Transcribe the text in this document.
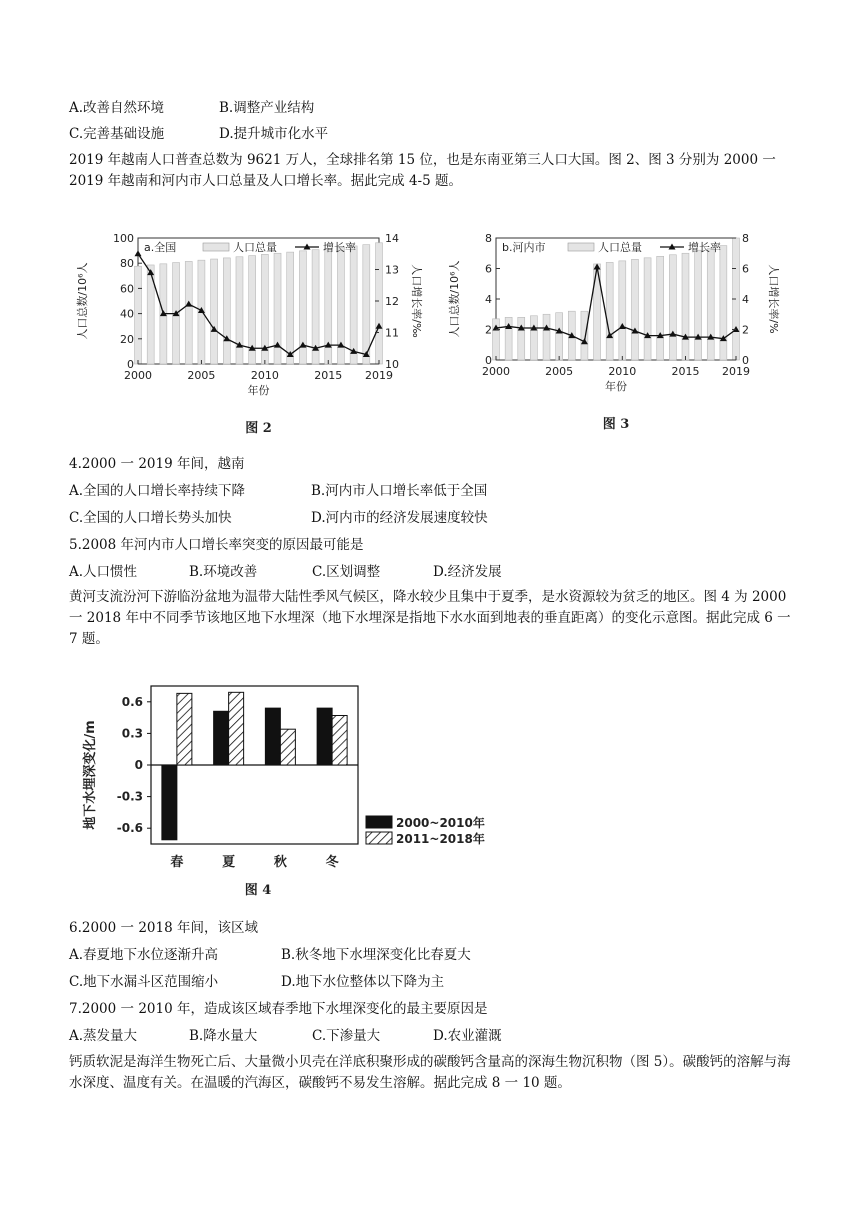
A.改善自然环境	B.调整产业结构
C.完善基础设施	D.提升城市化水平
2019 年越南人口普查总数为 9621 万人，全球排名第 15 位，也是东南亚第三人口大国。图 2、图 3 分别为 2000 一 2019 年越南和河内市人口总量及人口增长率。据此完成 4-5 题。
0
20
40
60
80
100
10
11
12
13
14
2000	2005	2010	2015 2019
a.全国	人口总量	增长率
人口总数/10⁶人	人口增长率/‰
年份
图 2
0
2
4
6
8
0
2
4
6
8
2000	2005	2010	2015 2019
b.河内市	人口总量	增长率
人口总数/10⁶人	人口增长率/%
年份
图 3
4.2000 一 2019 年间，越南
A.全国的人口增长率持续下降	B.河内市人口增长率低于全国
C.全国的人口增长势头加快	D.河内市的经济发展速度较快
5.2008 年河内市人口增长率突变的原因最可能是
A.人口惯性	B.环境改善	C.区划调整	D.经济发展
黄河支流汾河下游临汾盆地为温带大陆性季风气候区，降水较少且集中于夏季，是水资源较为贫乏的地区。图 4 为 2000 一 2018 年中不同季节该地区地下水埋深（地下水埋深是指地下水水面到地表的垂直距离）的变化示意图。据此完成 6 一 7 题。
春	夏	秋	冬
0.6
0.3
0
-0.3
-0.6
地下水埋深变化/m	2000~2010年
2011~2018年
图 4
6.2000 一 2018 年间，该区域
A.春夏地下水位逐渐升高	B.秋冬地下水埋深变化比春夏大
C.地下水漏斗区范围缩小	D.地下水位整体以下降为主
7.2000 一 2010 年，造成该区域春季地下水埋深变化的最主要原因是
A.蒸发量大	B.降水量大	C.下渗量大	D.农业灌溉
钙质软泥是海洋生物死亡后、大量微小贝壳在洋底积聚形成的碳酸钙含量高的深海生物沉积物（图 5）。碳酸钙的溶解与海水深度、温度有关。在温暖的汽海区，碳酸钙不易发生溶解。据此完成 8 一 10 题。
